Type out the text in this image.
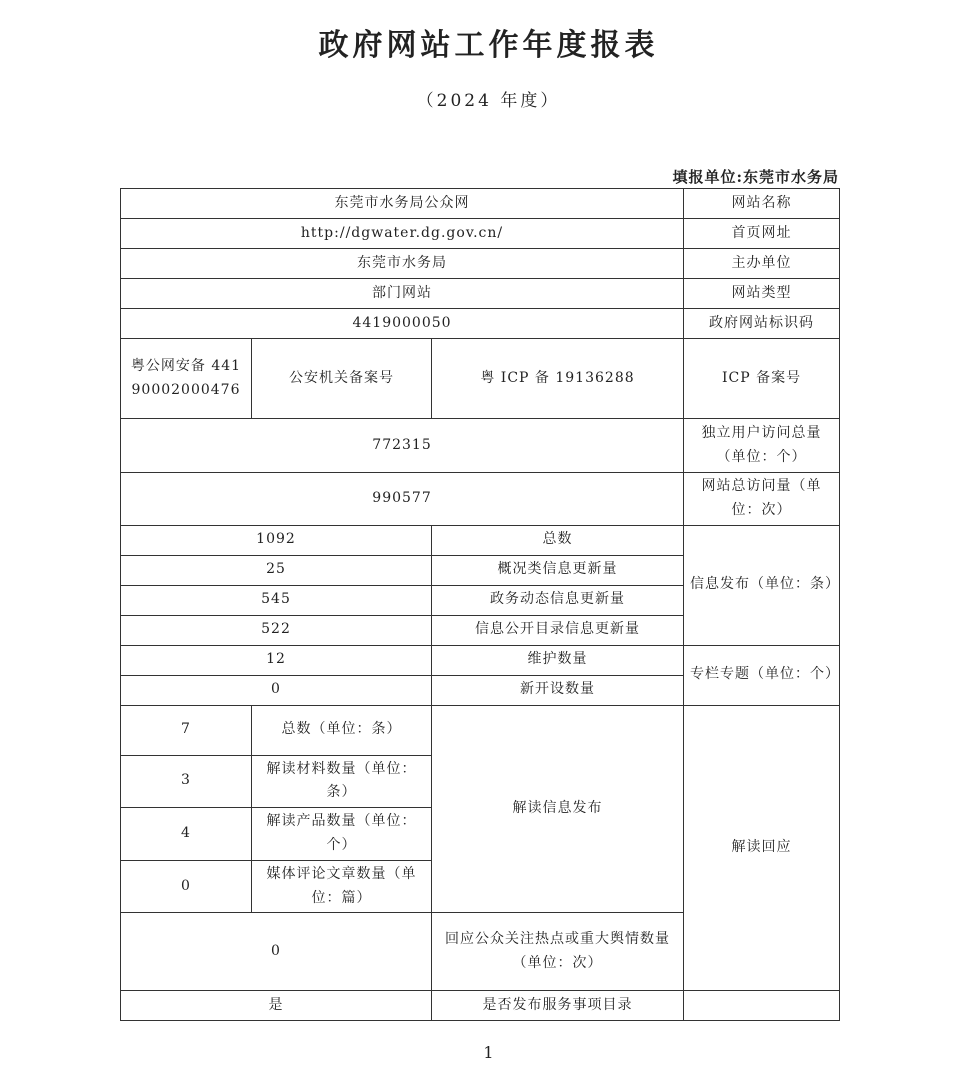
政府网站工作年度报表
（2024 年度）
填报单位:东莞市水务局
东莞市水务局公众网			网站名称
http://dgwater.dg.gov.cn/			首页网址
东莞市水务局			主办单位
部门网站			网站类型
4419000050			政府网站标识码
粤公网安备 44190002000476	公安机关备案号	粤 ICP 备 19136288	ICP 备案号
772315			独立用户访问总量（单位：个）
990577			网站总访问量（单位：次）
1092		总数	信息发布（单位：条）
25		概况类信息更新量	
545		政务动态信息更新量	
522		信息公开目录信息更新量	
12		维护数量	专栏专题（单位：个）
0		新开设数量	
7	总数（单位：条）	解读信息发布	解读回应
3	解读材料数量（单位：条）		
4	解读产品数量（单位：个）		
0	媒体评论文章数量（单位：篇）		
0		回应公众关注热点或重大舆情数量（单位：次）	
是		是否发布服务事项目录	
1
